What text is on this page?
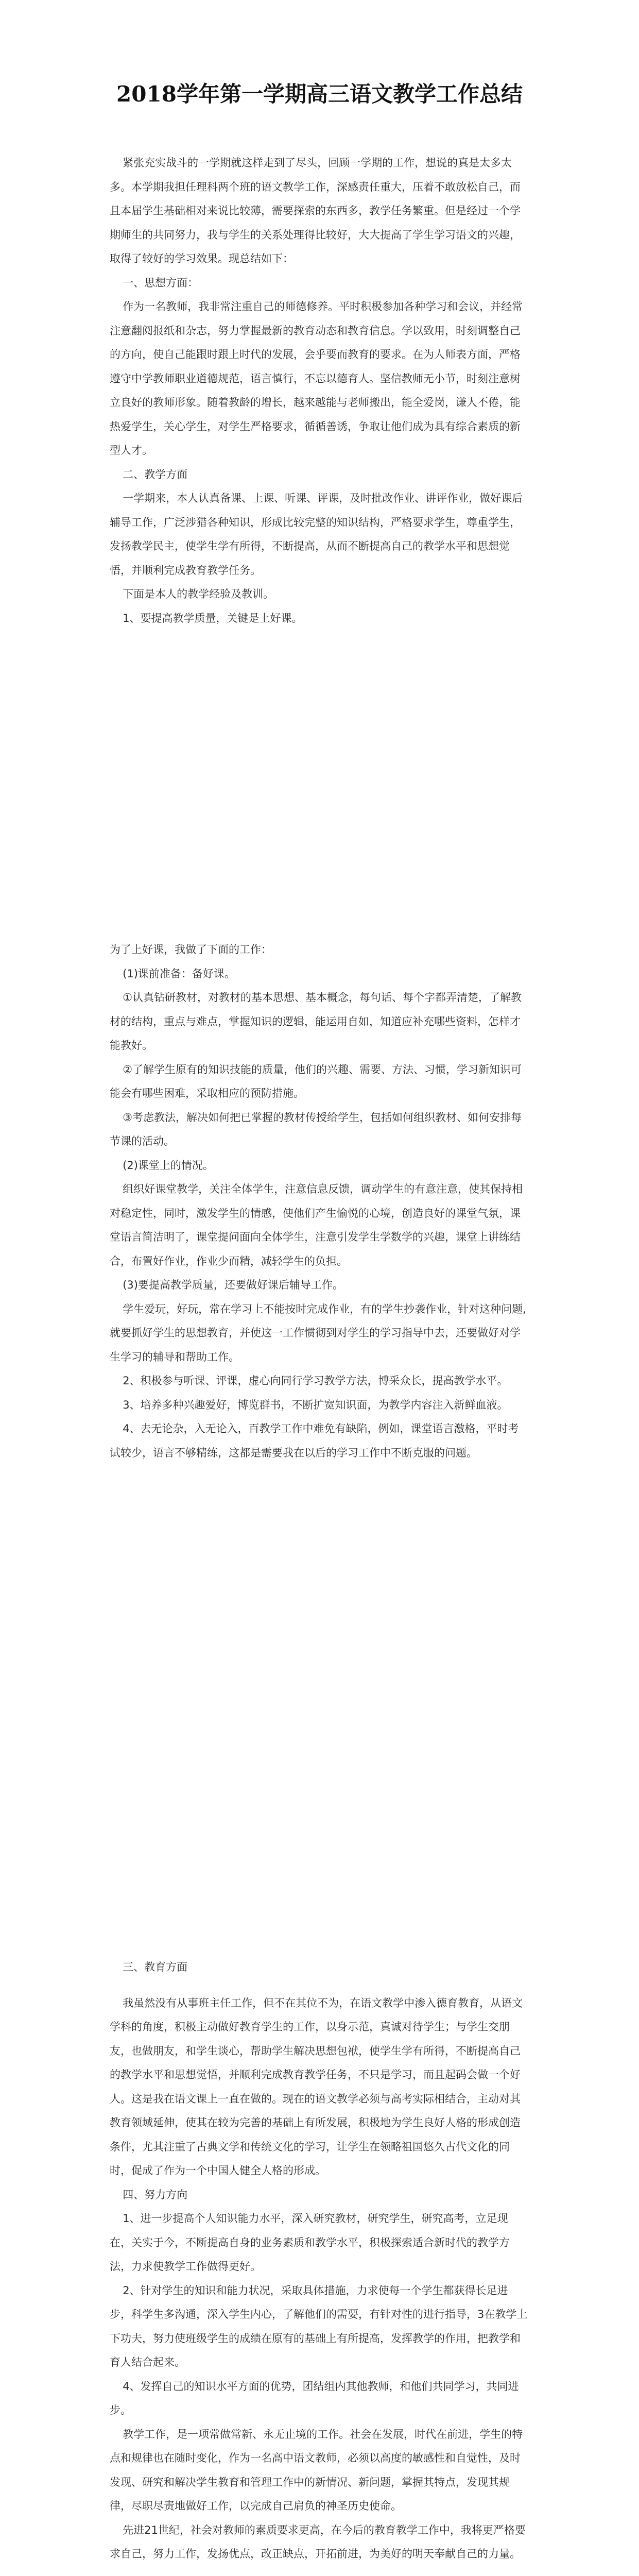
2018学年第一学期高三语文教学工作总结

紧张充实战斗的一学期就这样走到了尽头，回顾一学期的工作，想说的真是太多太多。本学期我担任理科两个班的语文教学工作，深感责任重大，压着不敢放松自己，而且本届学生基础相对来说比较薄，需要探索的东西多，教学任务繁重。但是经过一个学期师生的共同努力，我与学生的关系处理得比较好，大大提高了学生学习语文的兴趣，取得了较好的学习效果。现总结如下：

一、思想方面：

作为一名教师，我非常注重自己的师德修养。平时积极参加各种学习和会议，并经常注意翻阅报纸和杂志，努力掌握最新的教育动态和教育信息。学以致用，时刻调整自己的方向，使自己能跟时跟上时代的发展，会乎要而教育的要求。在为人师表方面，严格遵守中学教师职业道德规范，语言慎行，不忘以德育人。坚信教师无小节，时刻注意树立良好的教师形象。随着教龄的增长，越来越能与老师搬出，能全爱岗，谦人不倦，能热爱学生，关心学生，对学生严格要求，循循善诱，争取让他们成为具有综合素质的新型人才。

二、教学方面

一学期来，本人认真备课、上课、听课、评课，及时批改作业、讲评作业，做好课后辅导工作，广泛涉猎各种知识，形成比较完整的知识结构，严格要求学生，尊重学生，发扬教学民主，使学生学有所得，不断提高，从而不断提高自己的教学水平和思想觉悟，并顺利完成教育教学任务。

下面是本人的教学经验及教训。

1、要提高教学质量，关键是上好课。

为了上好课，我做了下面的工作：

(1)课前准备：备好课。

①认真钻研教材，对教材的基本思想、基本概念，每句话、每个字都弄清楚，了解教材的结构，重点与难点，掌握知识的逻辑，能运用自如，知道应补充哪些资料，怎样才能教好。

②了解学生原有的知识技能的质量，他们的兴趣、需要、方法、习惯，学习新知识可能会有哪些困难，采取相应的预防措施。

③考虑教法，解决如何把已掌握的教材传授给学生，包括如何组织教材、如何安排每节课的活动。

(2)课堂上的情况。

组织好课堂教学，关注全体学生，注意信息反馈，调动学生的有意注意，使其保持相对稳定性，同时，激发学生的情感，使他们产生愉悦的心境，创造良好的课堂气氛，课堂语言简洁明了，课堂提问面向全体学生，注意引发学生学数学的兴趣，课堂上讲练结合，布置好作业，作业少而精，减轻学生的负担。

(3)要提高教学质量，还要做好课后辅导工作。

学生爱玩，好玩，常在学习上不能按时完成作业，有的学生抄袭作业，针对这种问题,就要抓好学生的思想教育，并使这一工作惯彻到对学生的学习指导中去，还要做好对学生学习的辅导和帮助工作。

2、积极参与听课、评课，虚心向同行学习教学方法，博采众长，提高教学水平。

3、培养多种兴趣爱好，博览群书，不断扩宽知识面，为教学内容注入新鲜血液。

4、去无论杂，入无论入，百教学工作中难免有缺陷，例如，课堂语言激格，平时考试较少，语言不够精练，这都是需要我在以后的学习工作中不断克服的问题。

三、教育方面

我虽然没有从事班主任工作，但不在其位不为，在语文教学中渗入德育教育，从语文学科的角度，积极主动做好教育学生的工作，以身示范，真诚对待学生；与学生交朋友，也做朋友，和学生谈心，帮助学生解决思想包袱，使学生学有所得，不断提高自己的教学水平和思想觉悟，并顺利完成教育教学任务，不只是学习，而且起码会做一个好人。这是我在语文课上一直在做的。现在的语文教学必须与高考实际相结合，主动对其教育领域延伸，使其在较为完善的基础上有所发展，积极地为学生良好人格的形成创造条件，尤其注重了古典文学和传统文化的学习，让学生在领略祖国悠久古代文化的同时，促成了作为一个中国人健全人格的形成。

四、努力方向

1、进一步提高个人知识能力水平，深入研究教材，研究学生，研究高考，立足现在，关实于今，不断提高自身的业务素质和教学水平，积极探索适合新时代的教学方法，力求使教学工作做得更好。

2、针对学生的知识和能力状况，采取具体措施，力求使每一个学生都获得长足进步，科学生多沟通，深入学生内心，了解他们的需要，有针对性的进行指导，3在教学上下功夫，努力使班级学生的成绩在原有的基础上有所提高，发挥教学的作用，把教学和育人结合起来。

4、发挥自己的知识水平方面的优势，团结组内其他教师，和他们共同学习，共同进步。

教学工作，是一项常做常新、永无止境的工作。社会在发展，时代在前进，学生的特点和规律也在随时变化，作为一名高中语文教师，必须以高度的敏感性和自觉性，及时发现、研究和解决学生教育和管理工作中的新情况、新问题，掌握其特点，发现其规律，尽职尽责地做好工作，以完成自己肩负的神圣历史使命。

先进21世纪，社会对教师的素质要求更高，在今后的教育教学工作中，我将更严格要求自己，努力工作，发扬优点，改正缺点，开拓前进，为美好的明天奉献自己的力量。
